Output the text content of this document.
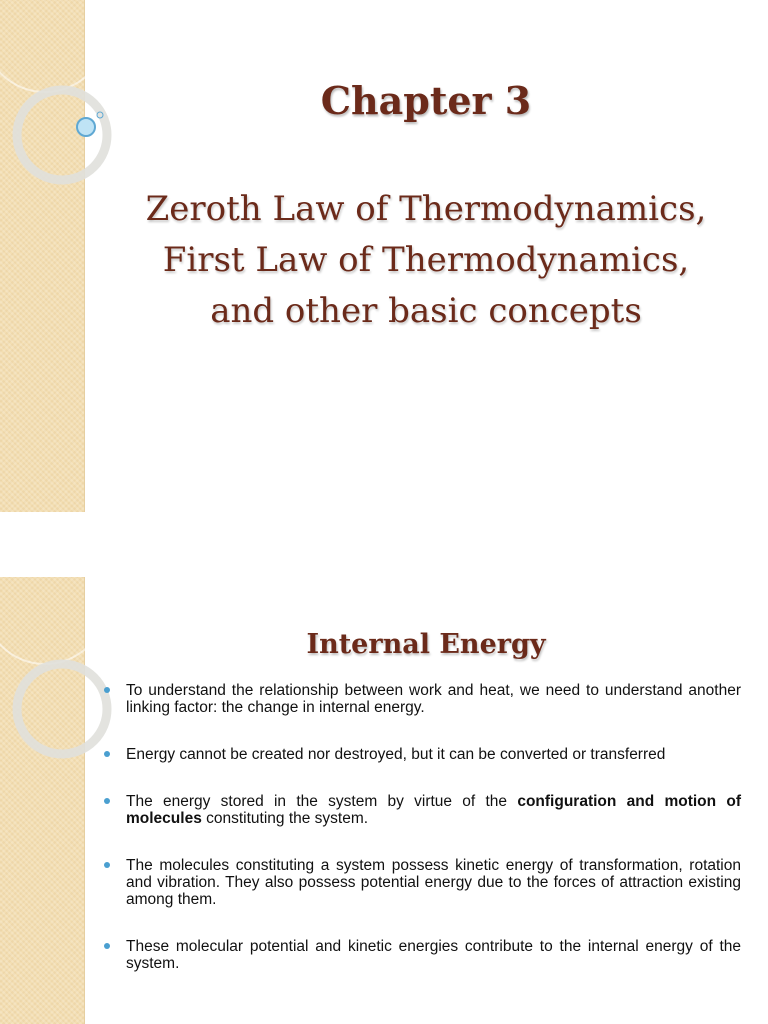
Chapter 3
Zeroth Law of Thermodynamics,
First Law of Thermodynamics,
and other basic concepts
Internal Energy
To understand the relationship between work and heat, we need to understand another linking factor: the change in internal energy.
Energy cannot be created nor destroyed, but it can be converted or transferred
The energy stored in the system by virtue of the configuration and motion of molecules constituting the system.
The molecules constituting a system possess kinetic energy of transformation, rotation and vibration. They also possess potential energy due to the forces of attraction existing among them.
These molecular potential and kinetic energies contribute to the internal energy of the system.
